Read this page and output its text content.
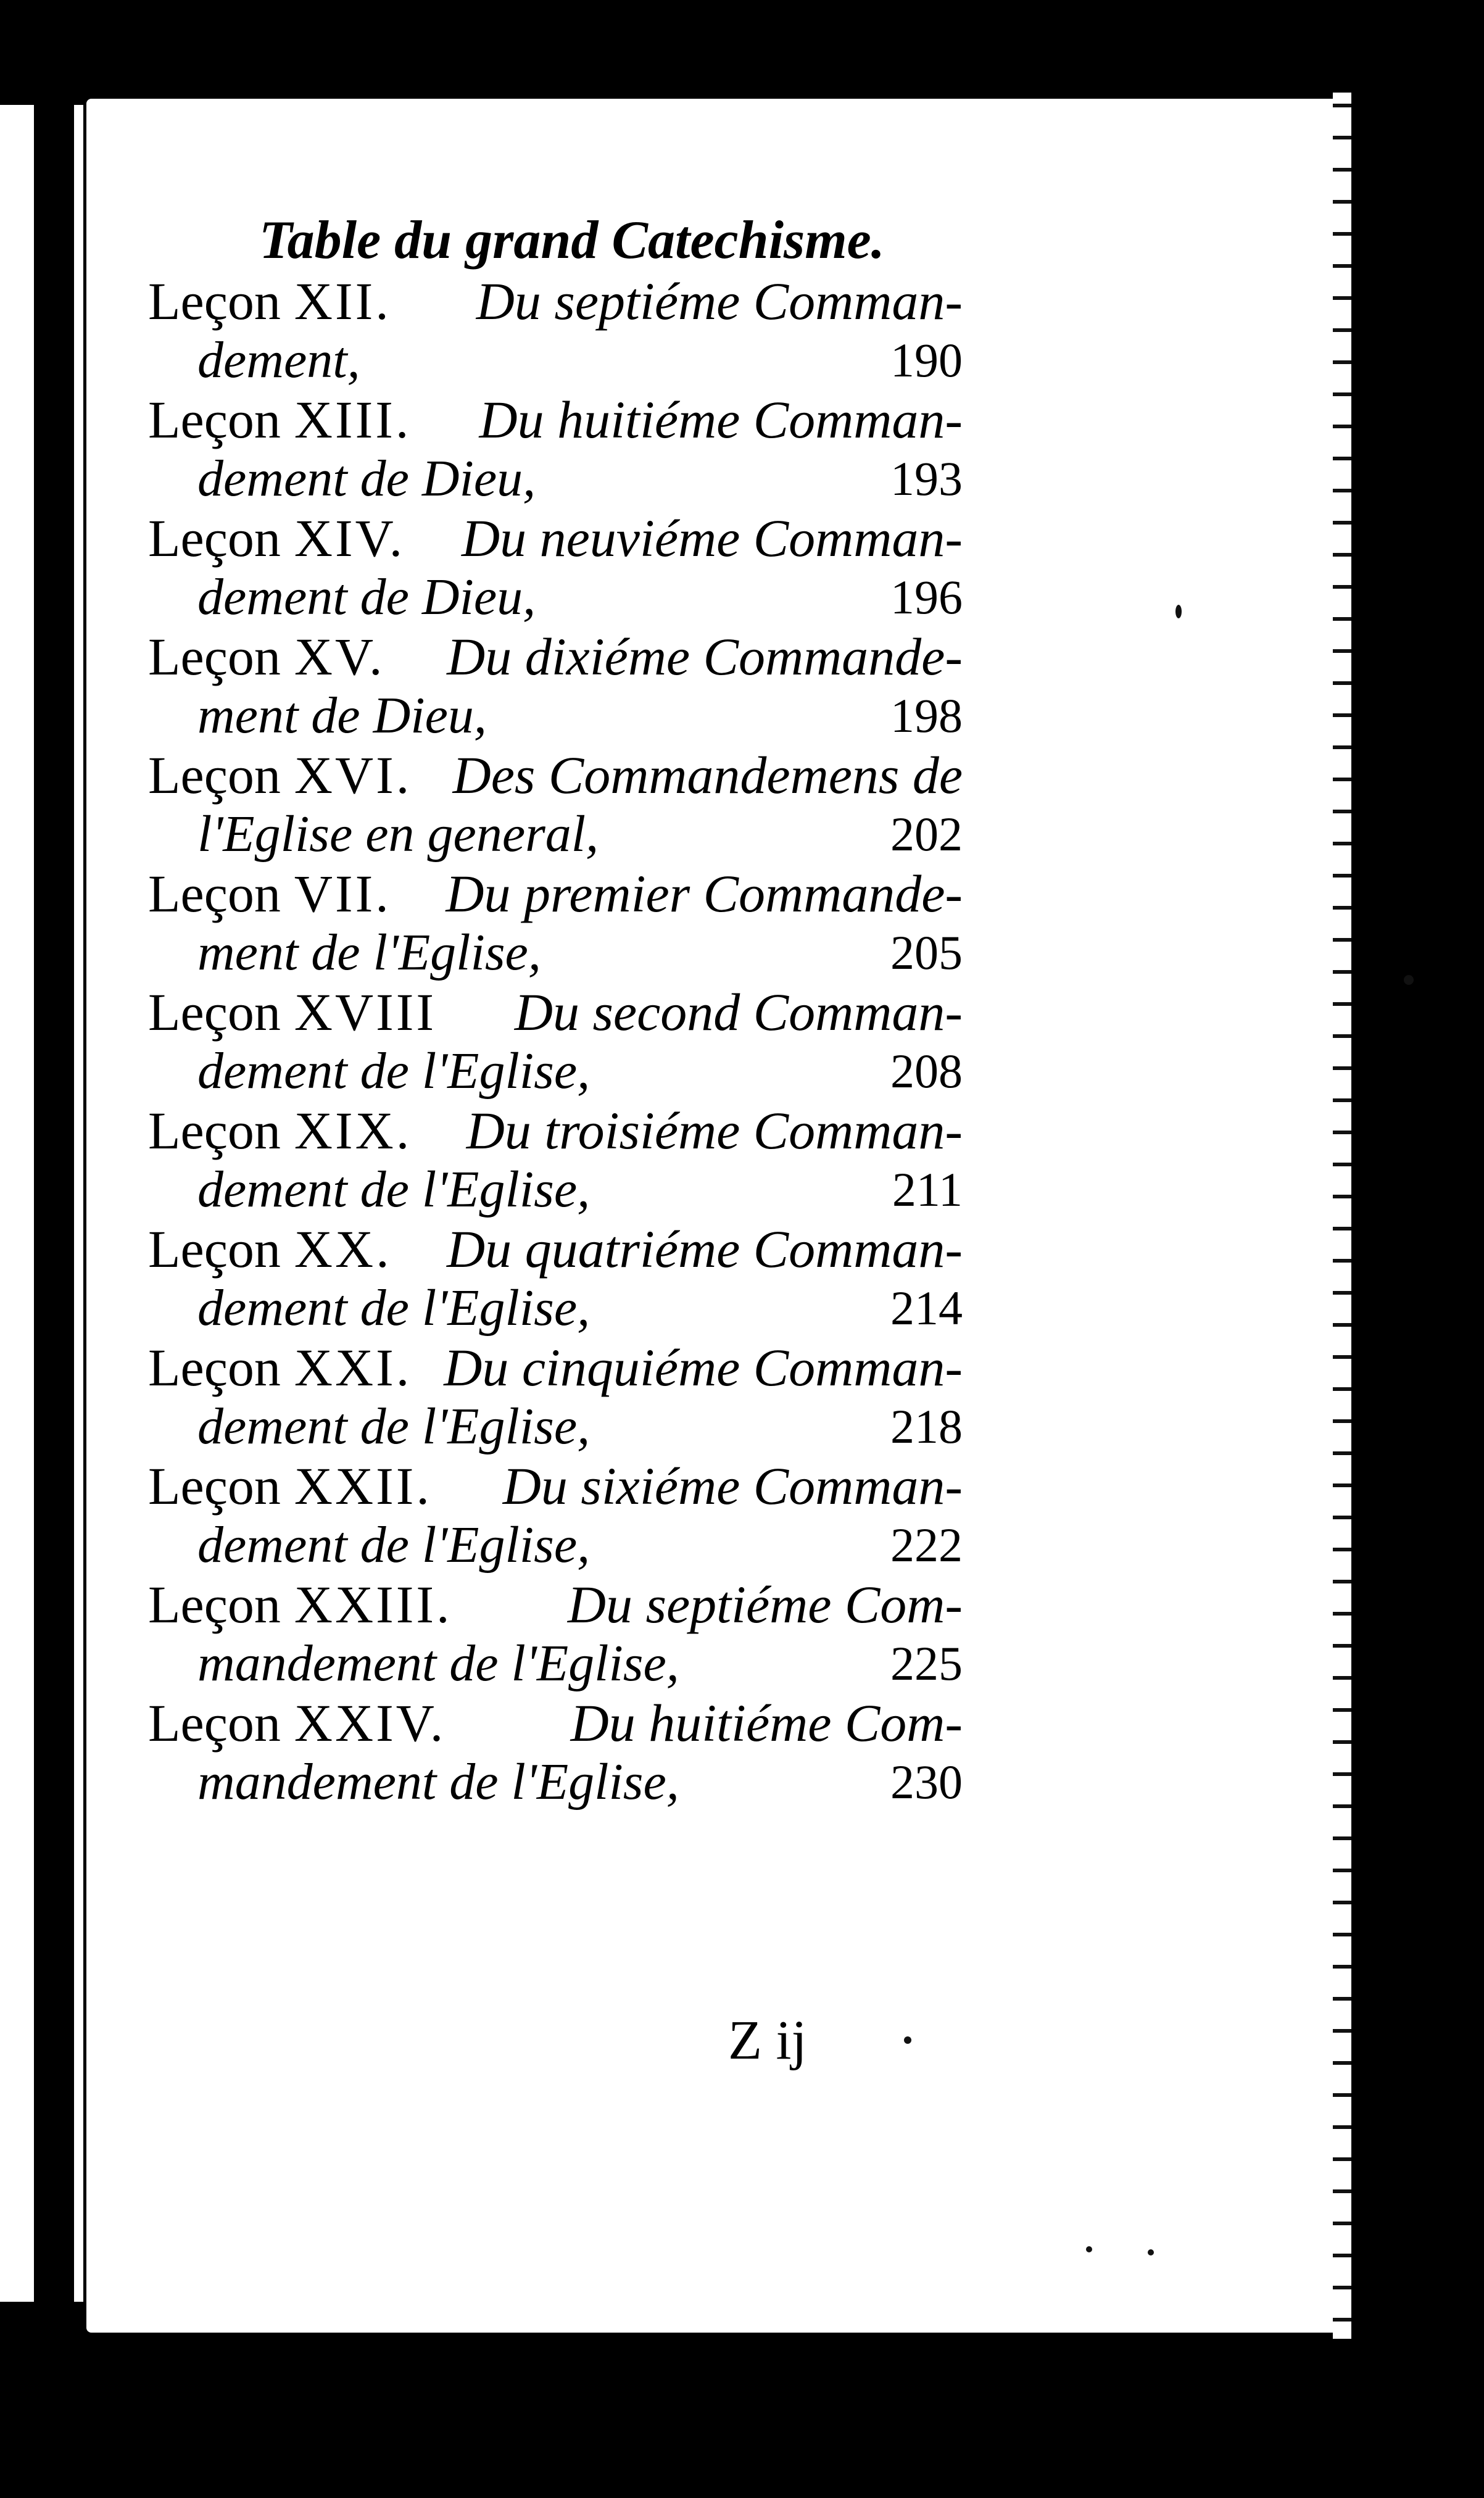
Table du grand Catechisme.
Leçon XII. Du septiéme Comman-
dement,	190
Leçon XIII. Du huitiéme Comman-
dement de Dieu,	193
Leçon XIV. Du neuviéme Comman-
dement de Dieu,	196
Leçon XV. Du dixiéme Commande-
ment de Dieu,	198
Leçon XVI. Des Commandemens de
l'Eglise en general,	202
Leçon VII. Du premier Commande-
ment de l'Eglise,	205
Leçon XVIII Du second Comman-
dement de l'Eglise,	208
Leçon XIX. Du troisiéme Comman-
dement de l'Eglise,	211
Leçon XX. Du quatriéme Comman-
dement de l'Eglise,	214
Leçon XXI. Du cinquiéme Comman-
dement de l'Eglise,	218
Leçon XXII. Du sixiéme Comman-
dement de l'Eglise,	222
Leçon XXIII. Du septiéme Com-
mandement de l'Eglise,	225
Leçon XXIV. Du huitiéme Com-
mandement de l'Eglise,	230
Z ij
